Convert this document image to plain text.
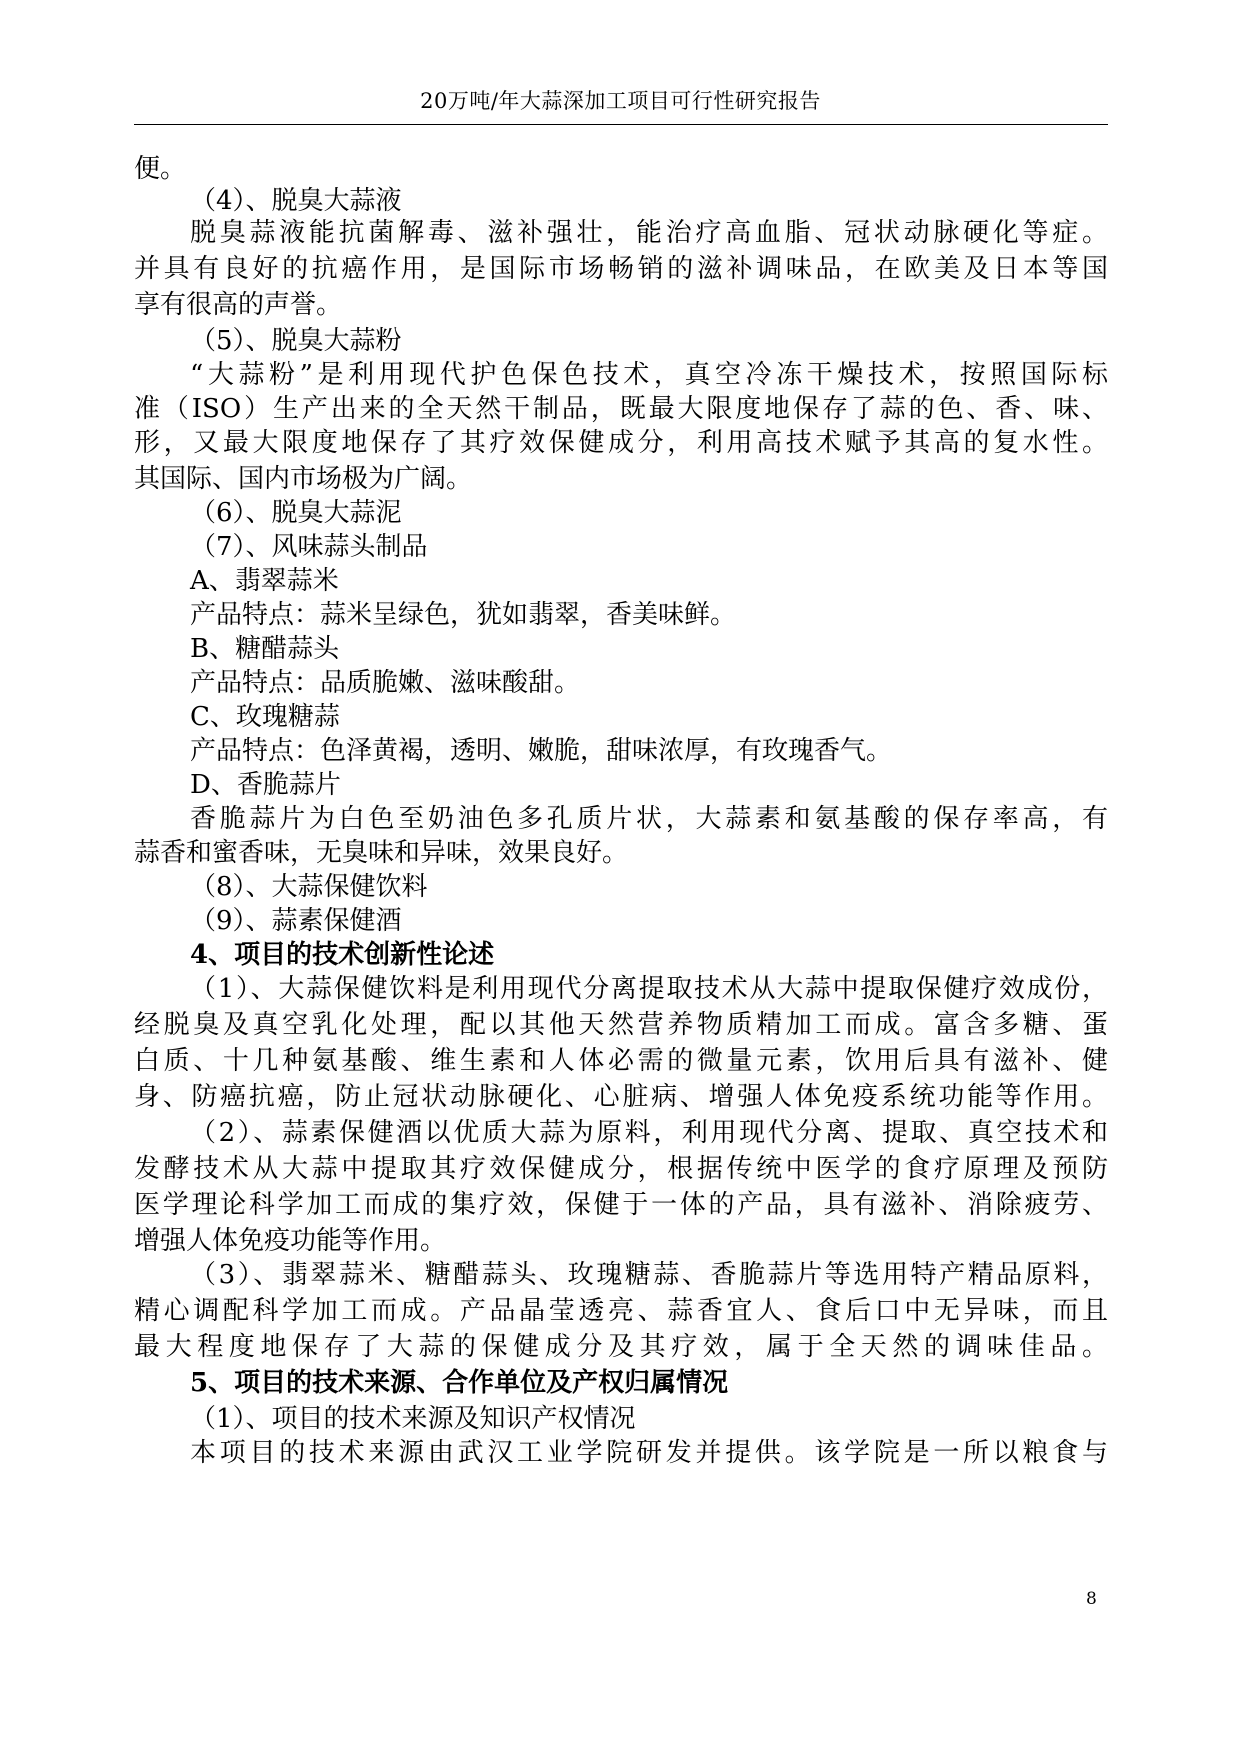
20万吨/年大蒜深加工项目可行性研究报告
便。
（4）、脱臭大蒜液
脱臭蒜液能抗菌解毒、滋补强壮，能治疗高血脂、冠状动脉硬化等症。
并具有良好的抗癌作用，是国际市场畅销的滋补调味品，在欧美及日本等国
享有很高的声誉。
（5）、脱臭大蒜粉
“大蒜粉”是利用现代护色保色技术，真空冷冻干燥技术，按照国际标
准（ISO）生产出来的全天然干制品，既最大限度地保存了蒜的色、香、味、
形，又最大限度地保存了其疗效保健成分，利用高技术赋予其高的复水性。
其国际、国内市场极为广阔。
（6）、脱臭大蒜泥
（7）、风味蒜头制品
A、翡翠蒜米
产品特点：蒜米呈绿色，犹如翡翠，香美味鲜。
B、糖醋蒜头
产品特点：品质脆嫩、滋味酸甜。
C、玫瑰糖蒜
产品特点：色泽黄褐，透明、嫩脆，甜味浓厚，有玫瑰香气。
D、香脆蒜片
香脆蒜片为白色至奶油色多孔质片状，大蒜素和氨基酸的保存率高，有
蒜香和蜜香味，无臭味和异味，效果良好。
（8）、大蒜保健饮料
（9）、蒜素保健酒
4、项目的技术创新性论述
（1）、大蒜保健饮料是利用现代分离提取技术从大蒜中提取保健疗效成份，
经脱臭及真空乳化处理，配以其他天然营养物质精加工而成。富含多糖、蛋
白质、十几种氨基酸、维生素和人体必需的微量元素，饮用后具有滋补、健
身、防癌抗癌，防止冠状动脉硬化、心脏病、增强人体免疫系统功能等作用。
（2）、蒜素保健酒以优质大蒜为原料，利用现代分离、提取、真空技术和
发酵技术从大蒜中提取其疗效保健成分，根据传统中医学的食疗原理及预防
医学理论科学加工而成的集疗效，保健于一体的产品，具有滋补、消除疲劳、
增强人体免疫功能等作用。
（3）、翡翠蒜米、糖醋蒜头、玫瑰糖蒜、香脆蒜片等选用特产精品原料，
精心调配科学加工而成。产品晶莹透亮、蒜香宜人、食后口中无异味，而且
最大程度地保存了大蒜的保健成分及其疗效，属于全天然的调味佳品。
5、项目的技术来源、合作单位及产权归属情况
（1）、项目的技术来源及知识产权情况
本项目的技术来源由武汉工业学院研发并提供。该学院是一所以粮食与
8
